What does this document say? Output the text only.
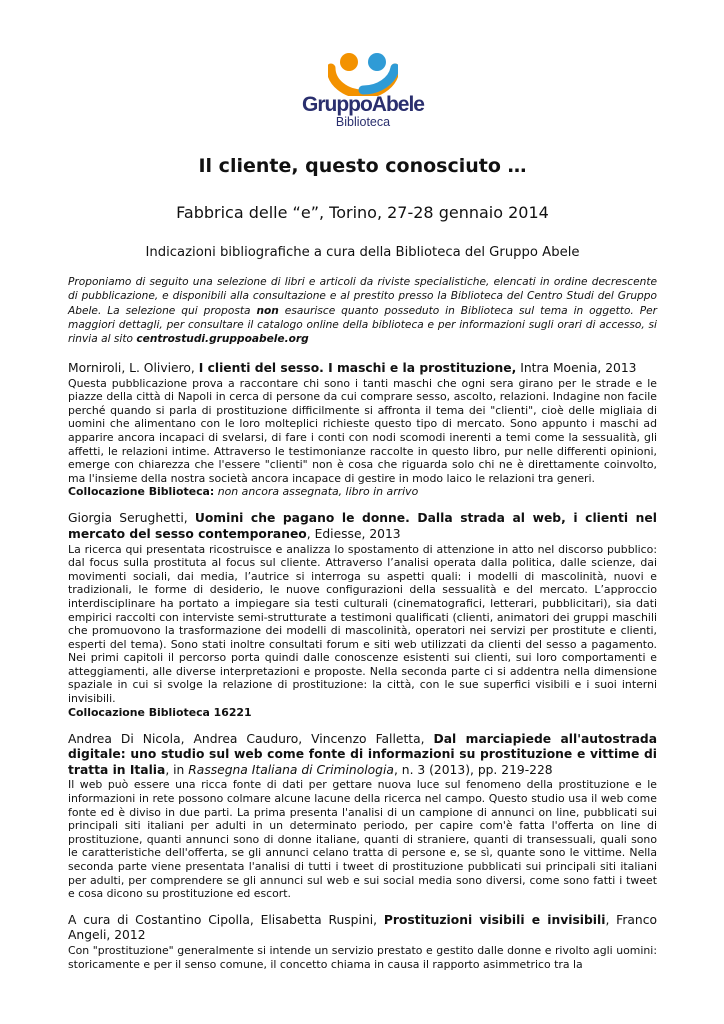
GruppoAbele
Biblioteca
Il cliente, questo conosciuto …
Fabbrica delle “e”, Torino, 27-28 gennaio 2014
Indicazioni bibliografiche a cura della Biblioteca del Gruppo Abele
Proponiamo di seguito una selezione di libri e articoli da riviste specialistiche, elencati in ordine decrescente di pubblicazione, e disponibili alla consultazione e al prestito presso la Biblioteca del Centro Studi del Gruppo Abele. La selezione qui proposta non esaurisce quanto posseduto in Biblioteca sul tema in oggetto. Per maggiori dettagli, per consultare il catalogo online della biblioteca e per informazioni sugli orari di accesso, si rinvia al sito centrostudi.gruppoabele.org
Morniroli, L. Oliviero, I clienti del sesso. I maschi e la prostituzione, Intra Moenia, 2013
Questa pubblicazione prova a raccontare chi sono i tanti maschi che ogni sera girano per le strade e le piazze della città di Napoli in cerca di persone da cui comprare sesso, ascolto, relazioni. Indagine non facile perché quando si parla di prostituzione difficilmente si affronta il tema dei "clienti", cioè delle migliaia di uomini che alimentano con le loro molteplici richieste questo tipo di mercato. Sono appunto i maschi ad apparire ancora incapaci di svelarsi, di fare i conti con nodi scomodi inerenti a temi come la sessualità, gli affetti, le relazioni intime. Attraverso le testimonianze raccolte in questo libro, pur nelle differenti opinioni, emerge con chiarezza che l'essere "clienti" non è cosa che riguarda solo chi ne è direttamente coinvolto, ma l'insieme della nostra società ancora incapace di gestire in modo laico le relazioni tra generi.
Collocazione Biblioteca: non ancora assegnata, libro in arrivo
Giorgia Serughetti, Uomini che pagano le donne. Dalla strada al web, i clienti nel mercato del sesso contemporaneo, Ediesse, 2013
La ricerca qui presentata ricostruisce e analizza lo spostamento di attenzione in atto nel discorso pubblico: dal focus sulla prostituta al focus sul cliente. Attraverso l’analisi operata dalla politica, dalle scienze, dai movimenti sociali, dai media, l’autrice si interroga su aspetti quali: i modelli di mascolinità, nuovi e tradizionali, le forme di desiderio, le nuove configurazioni della sessualità e del mercato. L’approccio interdisciplinare ha portato a impiegare sia testi culturali (cinematografici, letterari, pubblicitari), sia dati empirici raccolti con interviste semi-strutturate a testimoni qualificati (clienti, animatori dei gruppi maschili che promuovono la trasformazione dei modelli di mascolinità, operatori nei servizi per prostitute e clienti, esperti del tema). Sono stati inoltre consultati forum e siti web utilizzati da clienti del sesso a pagamento. Nei primi capitoli il percorso porta quindi dalle conoscenze esistenti sui clienti, sui loro comportamenti e atteggiamenti, alle diverse interpretazioni e proposte. Nella seconda parte ci si addentra nella dimensione spaziale in cui si svolge la relazione di prostituzione: la città, con le sue superfici visibili e i suoi interni invisibili.
Collocazione Biblioteca 16221
Andrea Di Nicola, Andrea Cauduro, Vincenzo Falletta, Dal marciapiede all'autostrada digitale: uno studio sul web come fonte di informazioni su prostituzione e vittime di tratta in Italia, in Rassegna Italiana di Criminologia, n. 3 (2013), pp. 219-228
Il web può essere una ricca fonte di dati per gettare nuova luce sul fenomeno della prostituzione e le informazioni in rete possono colmare alcune lacune della ricerca nel campo. Questo studio usa il web come fonte ed è diviso in due parti. La prima presenta l'analisi di un campione di annunci on line, pubblicati sui principali siti italiani per adulti in un determinato periodo, per capire com'è fatta l'offerta on line di prostituzione, quanti annunci sono di donne italiane, quanti di straniere, quanti di transessuali, quali sono le caratteristiche dell'offerta, se gli annunci celano tratta di persone e, se sì, quante sono le vittime. Nella seconda parte viene presentata l'analisi di tutti i tweet di prostituzione pubblicati sui principali siti italiani per adulti, per comprendere se gli annunci sul web e sui social media sono diversi, come sono fatti i tweet e cosa dicono su prostituzione ed escort.
A cura di Costantino Cipolla, Elisabetta Ruspini, Prostituzioni visibili e invisibili, Franco Angeli, 2012
Con "prostituzione" generalmente si intende un servizio prestato e gestito dalle donne e rivolto agli uomini: storicamente e per il senso comune, il concetto chiama in causa il rapporto asimmetrico tra la
